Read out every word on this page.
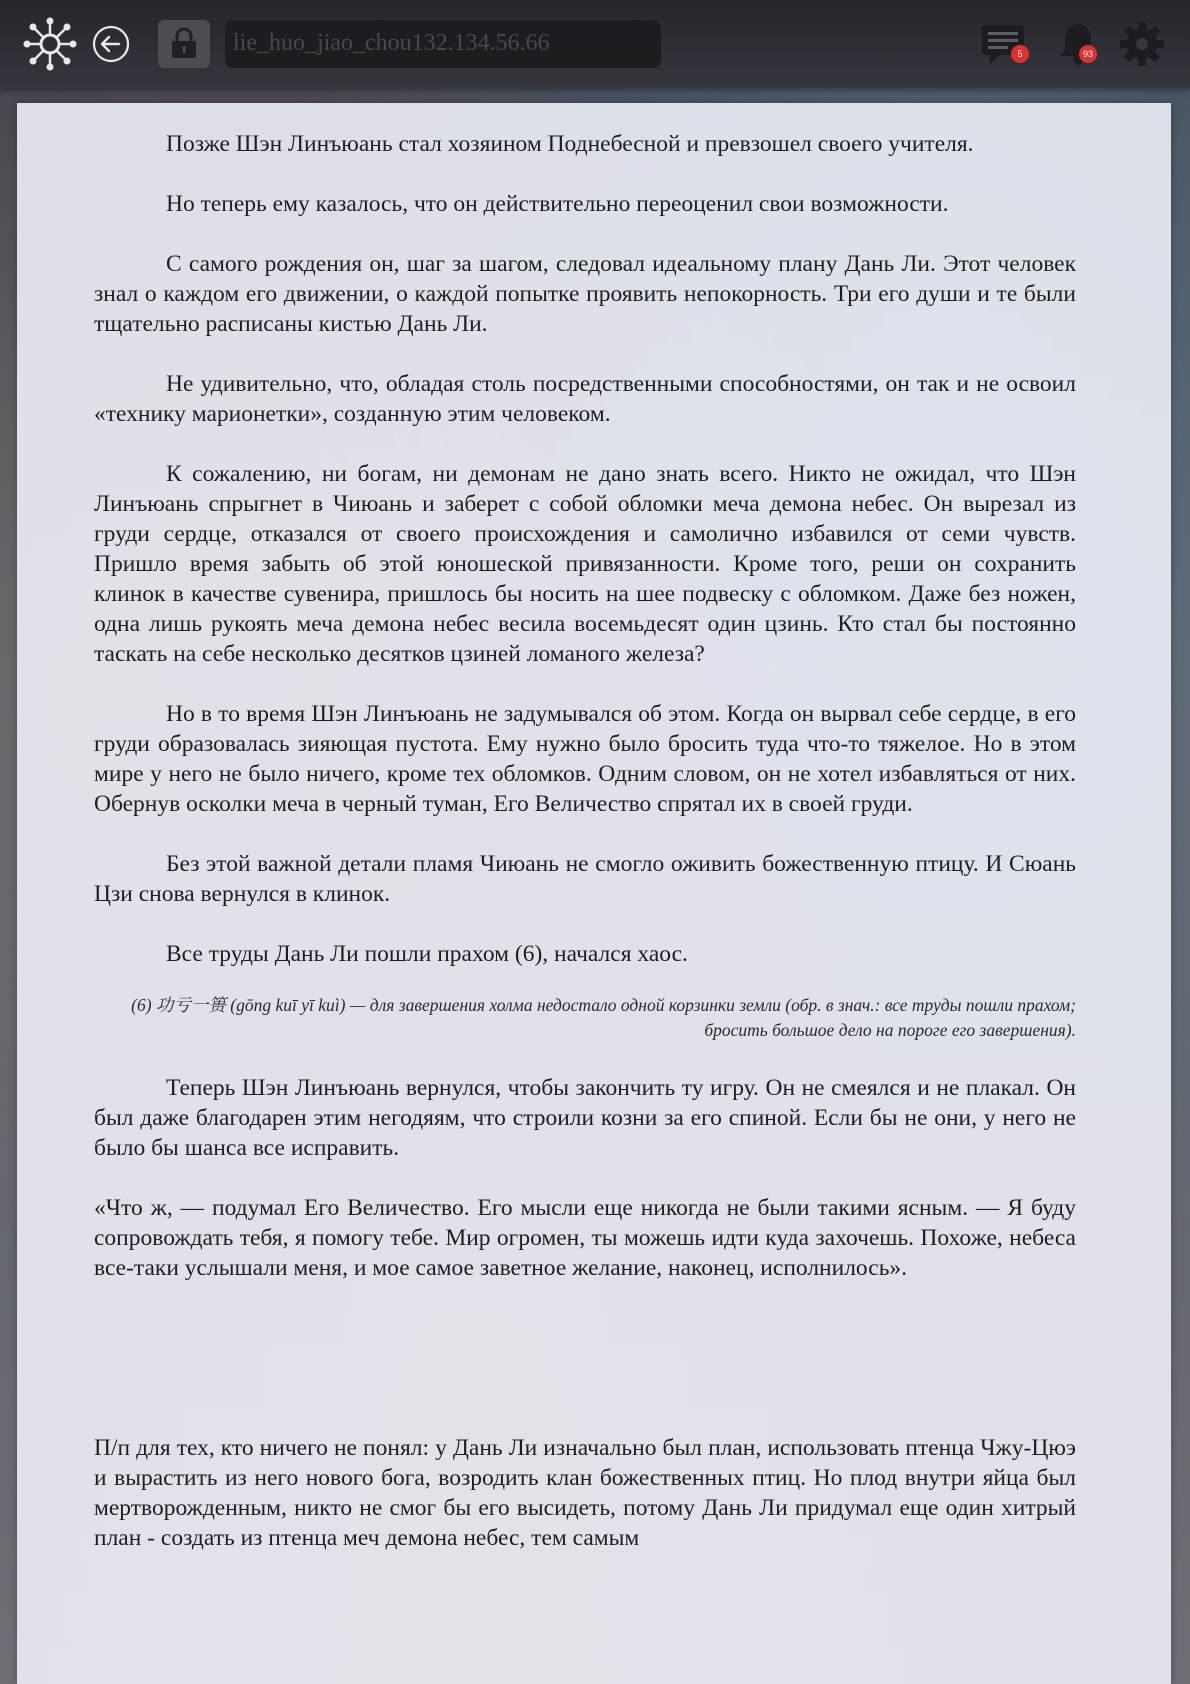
lie_huo_jiao_chou132.134.56.66	5	93

Позже Шэн Линъюань стал хозяином Поднебесной и превзошел своего учителя.

Но теперь ему казалось, что он действительно переоценил свои возможности.

С самого рождения он, шаг за шагом, следовал идеальному плану Дань Ли. Этот человек знал о каждом его движении, о каждой попытке проявить непокорность. Три его души и те были тщательно расписаны кистью Дань Ли.

Не удивительно, что, обладая столь посредственными способностями, он так и не освоил «технику марионетки», созданную этим человеком.

К сожалению, ни богам, ни демонам не дано знать всего. Никто не ожидал, что Шэн Линъюань спрыгнет в Чиюань и заберет с собой обломки меча демона небес. Он вырезал из груди сердце, отказался от своего происхождения и самолично избавился от семи чувств. Пришло время забыть об этой юношеской привязанности. Кроме того, реши он сохранить клинок в качестве сувенира, пришлось бы носить на шее подвеску с обломком. Даже без ножен, одна лишь рукоять меча демона небес весила восемьдесят один цзинь. Кто стал бы постоянно таскать на себе несколько десятков цзиней ломаного железа?

Но в то время Шэн Линъюань не задумывался об этом. Когда он вырвал себе сердце, в его груди образовалась зияющая пустота. Ему нужно было бросить туда что-то тяжелое. Но в этом мире у него не было ничего, кроме тех обломков. Одним словом, он не хотел избавляться от них. Обернув осколки меча в черный туман, Его Величество спрятал их в своей груди.

Без этой важной детали пламя Чиюань не смогло оживить божественную птицу. И Сюань Цзи снова вернулся в клинок.

Все труды Дань Ли пошли прахом (6), начался хаос.

(6) 功亏一篑 (gōng kuī yī kuì) — для завершения холма недостало одной корзинки земли (обр. в знач.: все труды пошли прахом; бросить большое дело на пороге его завершения).

Теперь Шэн Линъюань вернулся, чтобы закончить ту игру. Он не смеялся и не плакал. Он был даже благодарен этим негодяям, что строили козни за его спиной. Если бы не они, у него не было бы шанса все исправить.

«Что ж, — подумал Его Величество. Его мысли еще никогда не были такими ясным. — Я буду сопровождать тебя, я помогу тебе. Мир огромен, ты можешь идти куда захочешь. Похоже, небеса все-таки услышали меня, и мое самое заветное желание, наконец, исполнилось».

П/п для тех, кто ничего не понял: у Дань Ли изначально был план, использовать птенца Чжу-Цюэ и вырастить из него нового бога, возродить клан божественных птиц. Но плод внутри яйца был мертворожденным, никто не смог бы его высидеть, потому Дань Ли придумал еще один хитрый план - создать из птенца меч демона небес, тем самым
